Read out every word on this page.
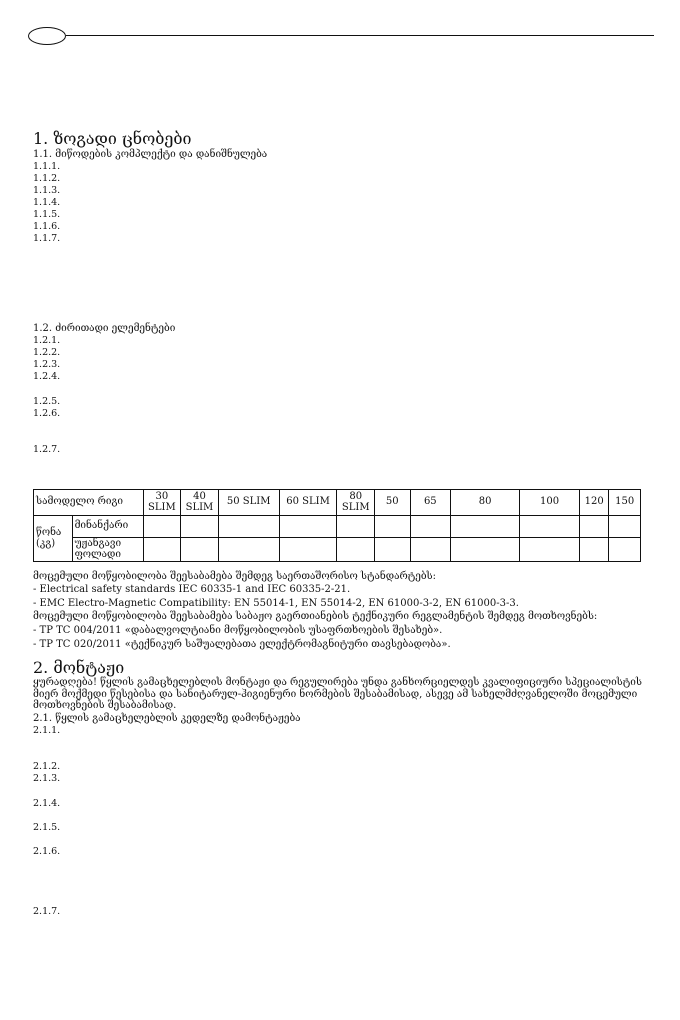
1. ზოგადი ცნობები
1.1. მიწოდების კომპლექტი და დანიშნულება
1.1.1.
1.1.2.
1.1.3.
1.1.4.
1.1.5.
1.1.6.
1.1.7.
1.2. ძირითადი ელემენტები
1.2.1.
1.2.2.
1.2.3.
1.2.4.
1.2.5.
1.2.6.
1.2.7.
სამოდელო რიგი		30 SLIM	40 SLIM	50 SLIM	60 SLIM	80 SLIM	50	65	80	100	120	150
წონა (კგ)	მინანქარი											
	უჟანგავი ფოლადი											
მოცემული მოწყობილობა შეესაბამება შემდეგ საერთაშორისო სტანდარტებს:
- Electrical safety standards IEC 60335-1 and IEC 60335-2-21.
- EMC Electro-Magnetic Compatibility: EN 55014-1, EN 55014-2, EN 61000-3-2, EN 61000-3-3.
მოცემული მოწყობილობა შეესაბამება საბაჟო გაერთიანების ტექნიკური რეგლამენტის შემდეგ მოთხოვნებს:
- TP TC 004/2011 «დაბალვოლტიანი მოწყობილობის უსაფრთხოების შესახებ».
- TP TC 020/2011 «ტექნიკურ საშუალებათა ელექტრომაგნიტური თავსებადობა».
2. მონტაჟი
ყურადღება! წყლის გამაცხელებლის მონტაჟი და რეგულირება უნდა განხორციელდეს კვალიფიციური სპეციალისტის მიერ მოქმედი წესებისა და სანიტარულ-ჰიგიენური ნორმების შესაბამისად, ასევე ამ სახელმძღვანელოში მოცემული მოთხოვნების შესაბამისად.
2.1. წყლის გამაცხელებლის კედელზე დამონტაჟება
2.1.1.
2.1.2.
2.1.3.
2.1.4.
2.1.5.
2.1.6.
2.1.7.
